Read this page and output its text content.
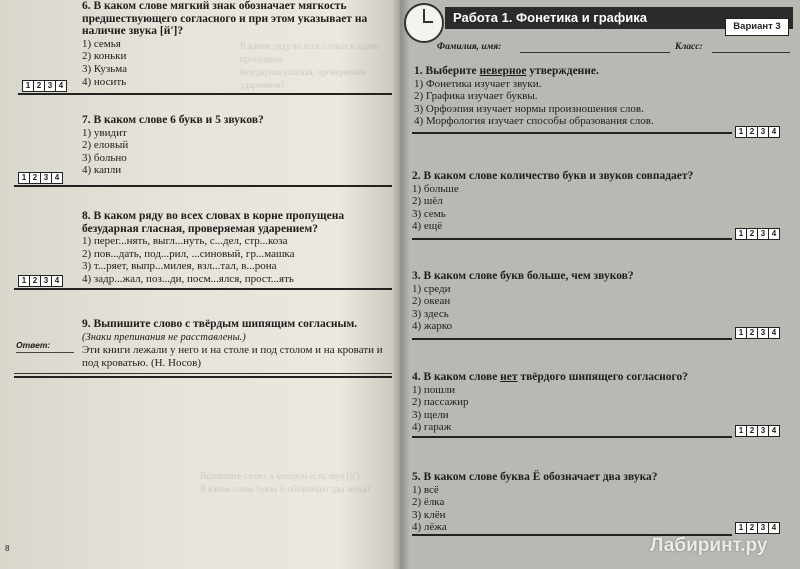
В каком ряду во всех словах в корне пропущена
безударная гласная, проверяемая ударением?
Выпишите слово, в котором есть звук [й']
В каком слове буква Е обозначает два звука?
6. В каком слове мягкий знак обозначает мягкость предшествующего согласного и при этом указывает на наличие звука [й']?
1) семья
2) коньки
3) Кузьма
4) носить
1 2 3 4
7. В каком слове 6 букв и 5 звуков?
1) увидит
2) еловый
3) больно
4) капли
1 2 3 4
8. В каком ряду во всех словах в корне пропущена безударная гласная, проверяемая ударением?
1) перег...нять, выгл...нуть, с...дел, стр...коза
2) пов...дать, под...рил, ...синовый, гр...машка
3) т...ряет, выпр...милея, взл...тал, в...рона
4) задр...жал, поз...ди, посм...ялся, прост...ять
1 2 3 4
9. Выпишите слово с твёрдым шипящим согласным.
(Знаки препинания не расставлены.)
Эти книги лежали у него и на столе и под столом и на кровати и под кроватью. (Н. Носов)
Ответ:
8
Работа 1. Фонетика и графика
Вариант 3
Фамилия, имя:	Класс:
1. Выберите неверное утверждение.
1) Фонетика изучает звуки.
2) Графика изучает буквы.
3) Орфоэпия изучает нормы произношения слов.
4) Морфология изучает способы образования слов.
1 2 3 4
2. В каком слове количество букв и звуков совпадает?
1) больше
2) шёл
3) семь
4) ещё
1 2 3 4
3. В каком слове букв больше, чем звуков?
1) среди
2) океан
3) здесь
4) жарко
1 2 3 4
4. В каком слове нет твёрдого шипящего согласного?
1) пошли
2) пассажир
3) щели
4) гараж	1 2 3 4
5. В каком слове буква Ё обозначает два звука?
1) всё
2) ёлка
3) клён
4) лёжа	1 2 3 4
Лабиринт.ру
